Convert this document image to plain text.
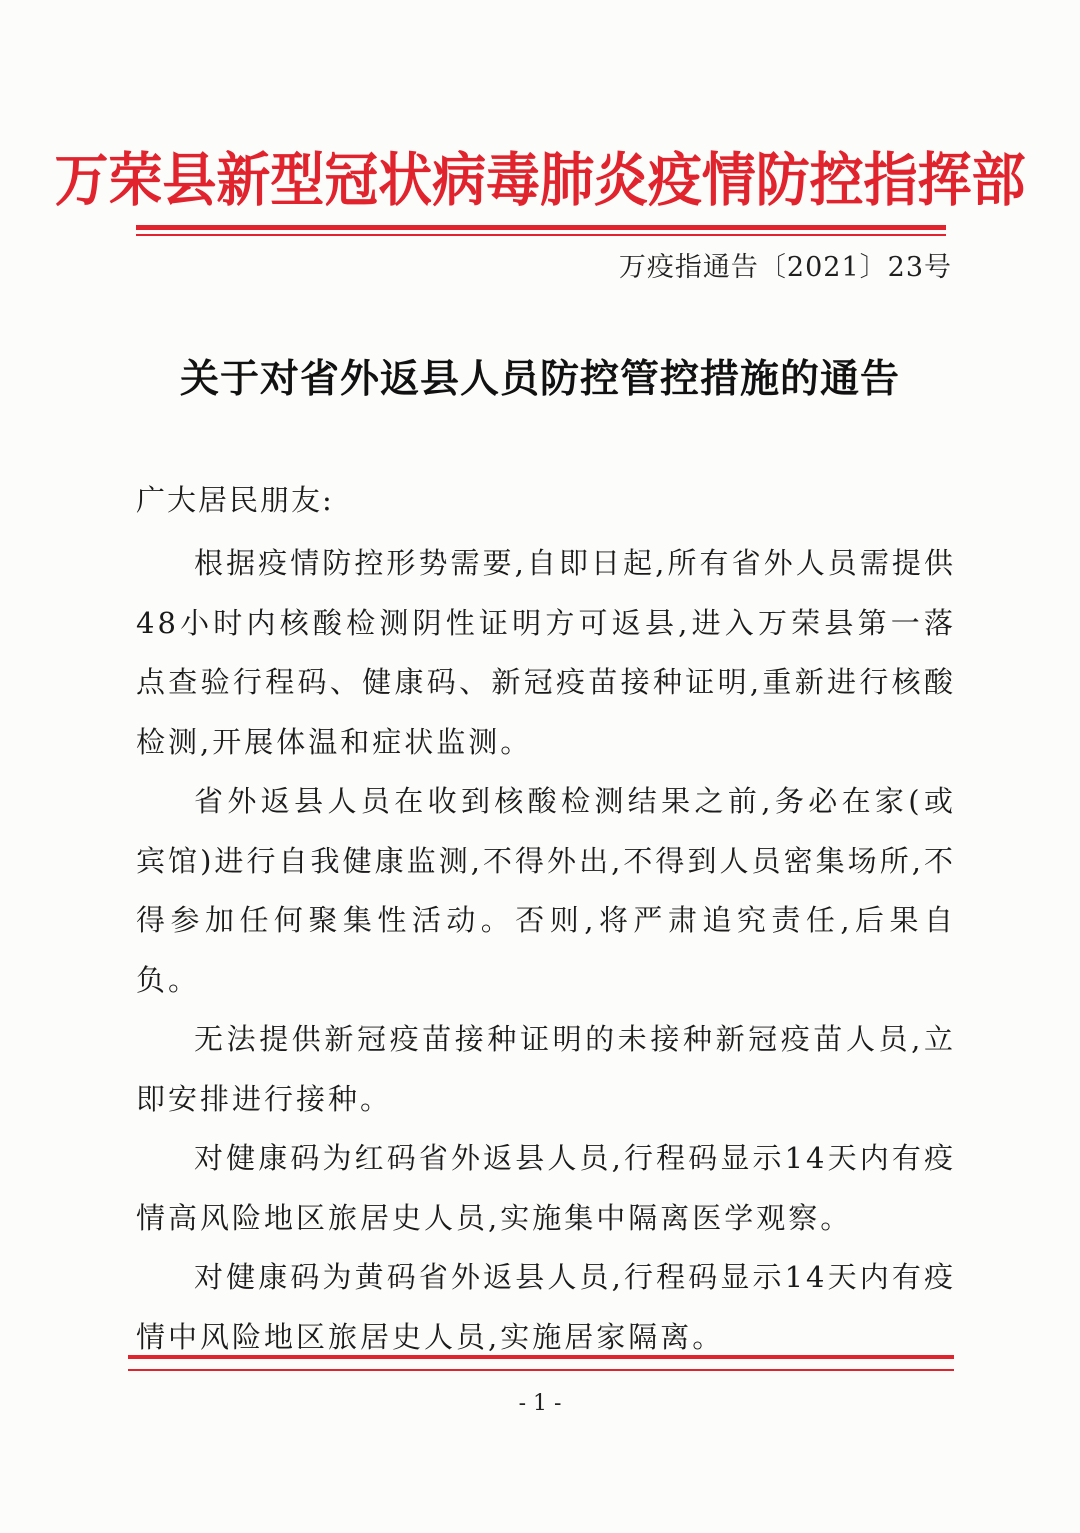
万荣县新型冠状病毒肺炎疫情防控指挥部
万疫指通告〔2021〕23号
关于对省外返县人员防控管控措施的通告
广大居民朋友:

根据疫情防控形势需要,自即日起,所有省外人员需提供48小时内核酸检测阴性证明方可返县,进入万荣县第一落点查验行程码、健康码、新冠疫苗接种证明,重新进行核酸检测,开展体温和症状监测。

省外返县人员在收到核酸检测结果之前,务必在家(或宾馆)进行自我健康监测,不得外出,不得到人员密集场所,不得参加任何聚集性活动。否则,将严肃追究责任,后果自负。

无法提供新冠疫苗接种证明的未接种新冠疫苗人员,立即安排进行接种。

对健康码为红码省外返县人员,行程码显示14天内有疫情高风险地区旅居史人员,实施集中隔离医学观察。

对健康码为黄码省外返县人员,行程码显示14天内有疫情中风险地区旅居史人员,实施居家隔离。

- 1 -
